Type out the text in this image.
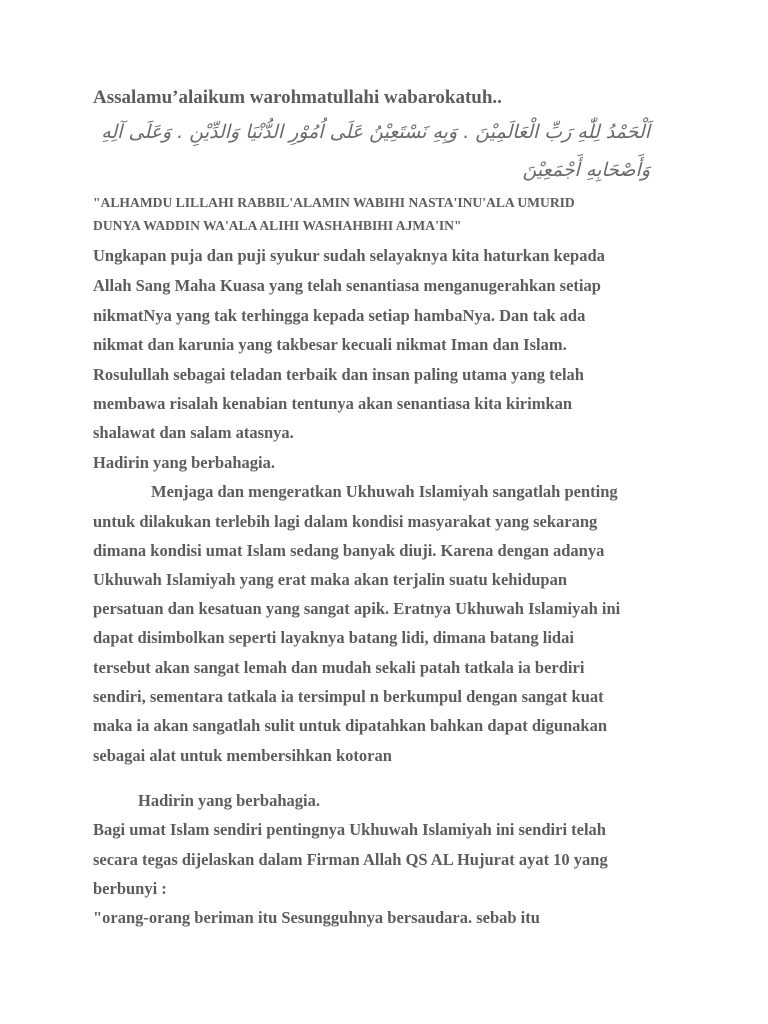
Assalamu’alaikum warohmatullahi wabarokatuh..
اَلْحَمْدُ لِلّٰهِ رَبِّ الْعَالَمِيْنَ . وَبِهِ نَسْتَعِيْنُ عَلَى اُمُوْرِ الدُّنْيَا وَالدِّيْنِ . وَعَلَى آلِهِ
وَأَصْحَابِهِ أَجْمَعِيْنَ
"ALHAMDU LILLAHI RABBIL'ALAMIN WABIHI NASTA'INU'ALA UMURID
DUNYA WADDIN WA'ALA ALIHI WASHAHBIHI AJMA'IN"
Ungkapan puja dan puji syukur sudah selayaknya kita haturkan kepada
Allah Sang Maha Kuasa yang telah senantiasa menganugerahkan setiap
nikmatNya yang tak terhingga kepada setiap hambaNya. Dan tak ada
nikmat dan karunia yang takbesar kecuali nikmat Iman dan Islam.
Rosulullah sebagai teladan terbaik dan insan paling utama yang telah
membawa risalah kenabian tentunya akan senantiasa kita kirimkan
shalawat dan salam atasnya.
Hadirin yang berbahagia.
Menjaga dan mengeratkan Ukhuwah Islamiyah sangatlah penting
untuk dilakukan terlebih lagi dalam kondisi masyarakat yang sekarang
dimana kondisi umat Islam sedang banyak diuji. Karena dengan adanya
Ukhuwah Islamiyah yang erat maka akan terjalin suatu kehidupan
persatuan dan kesatuan yang sangat apik. Eratnya Ukhuwah Islamiyah ini
dapat disimbolkan seperti layaknya batang lidi, dimana batang lidai
tersebut akan sangat lemah dan mudah sekali patah tatkala ia berdiri
sendiri, sementara tatkala ia tersimpul n berkumpul dengan sangat kuat
maka ia akan sangatlah sulit untuk dipatahkan bahkan dapat digunakan
sebagai alat untuk membersihkan kotoran
Hadirin yang berbahagia.
Bagi umat Islam sendiri pentingnya Ukhuwah Islamiyah ini sendiri telah
secara tegas dijelaskan dalam Firman Allah QS AL Hujurat ayat 10 yang
berbunyi :
"orang-orang beriman itu Sesungguhnya bersaudara. sebab itu
